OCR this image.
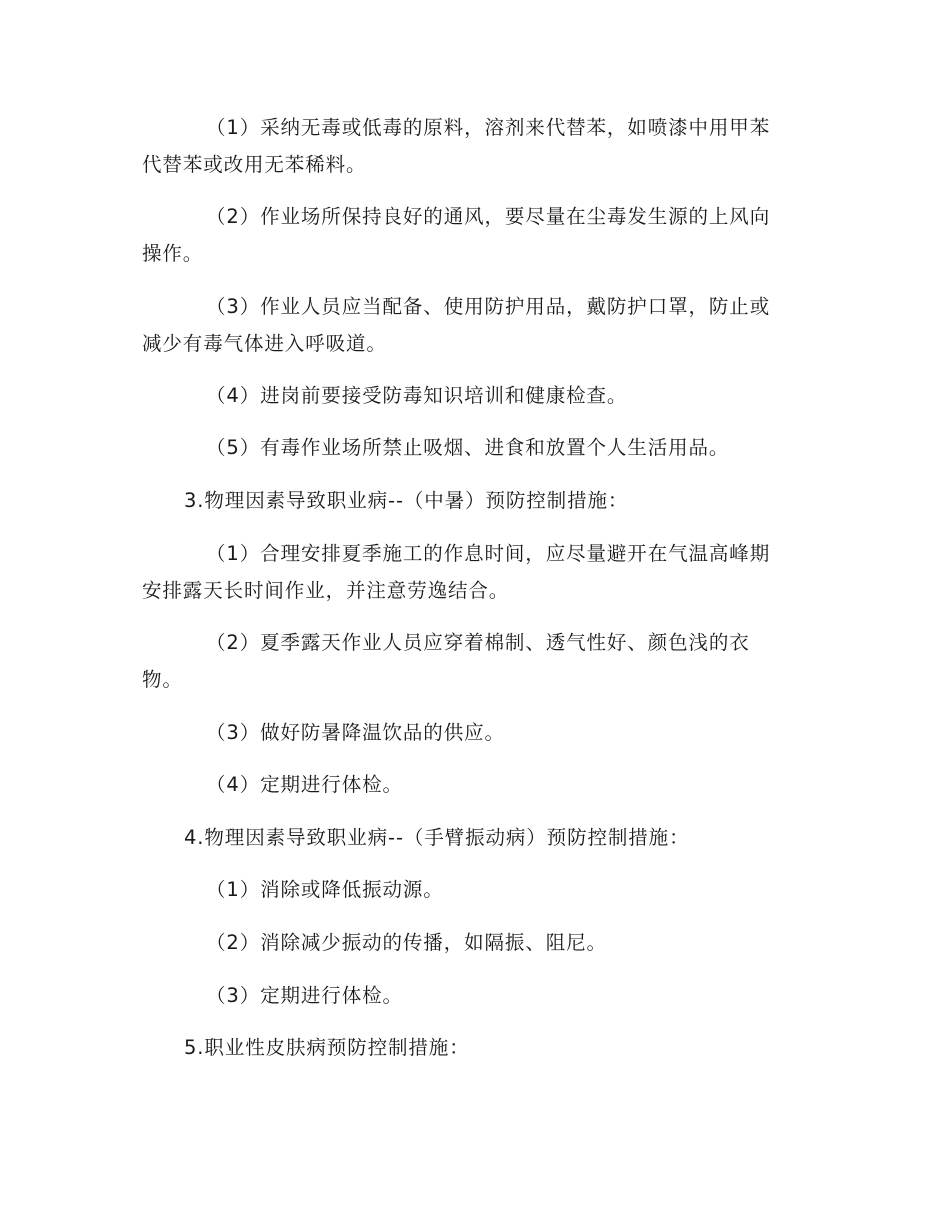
（1）采纳无毒或低毒的原料，溶剂来代替苯，如喷漆中用甲苯

代替苯或改用无苯稀料。

（2）作业场所保持良好的通风，要尽量在尘毒发生源的上风向

操作。

（3）作业人员应当配备、使用防护用品，戴防护口罩，防止或

减少有毒气体进入呼吸道。

（4）进岗前要接受防毒知识培训和健康检查。

（5）有毒作业场所禁止吸烟、进食和放置个人生活用品。

3.物理因素导致职业病--（中暑）预防控制措施：

（1）合理安排夏季施工的作息时间，应尽量避开在气温高峰期

安排露天长时间作业，并注意劳逸结合。

（2）夏季露天作业人员应穿着棉制、透气性好、颜色浅的衣

物。

（3）做好防暑降温饮品的供应。

（4）定期进行体检。

4.物理因素导致职业病--（手臂振动病）预防控制措施：

（1）消除或降低振动源。

（2）消除减少振动的传播，如隔振、阻尼。

（3）定期进行体检。

5.职业性皮肤病预防控制措施：
